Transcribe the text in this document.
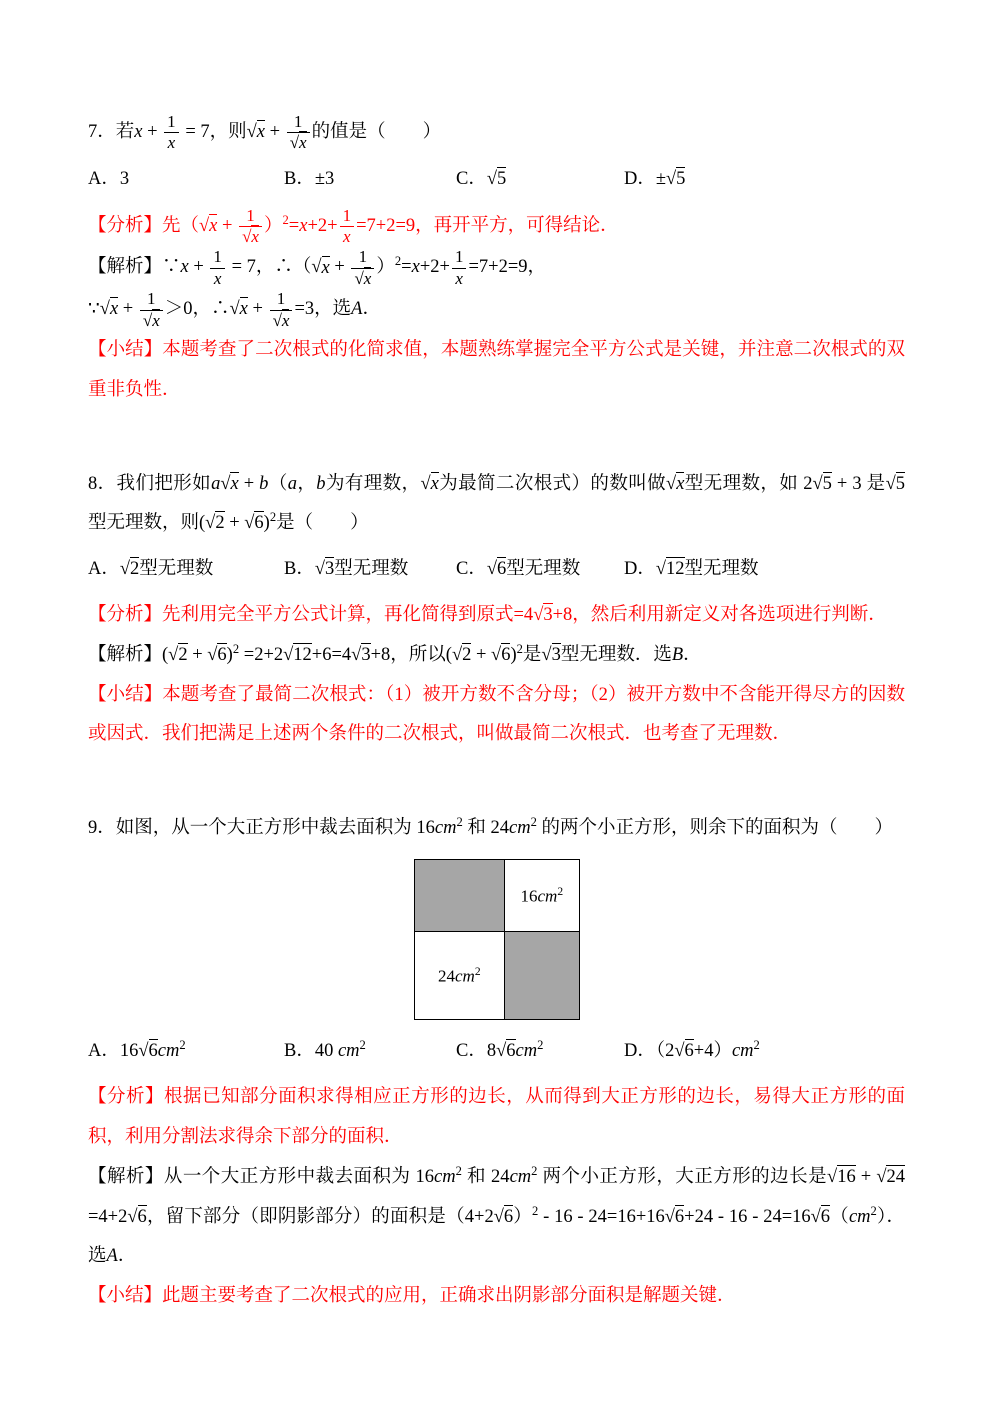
7．若$x + \frac{1}{x} = 7$，则$√x + \frac{1}{√x}$ 的值是（　　）

A．3	B．±3	C．√5	D．±√5

【分析】先$(√x + \frac{1}{√x} )^2=x+2+ \frac{1}{x} =7+2=9$，再开平方，可得结论．

【解析】∵x + $\frac{1}{x} = 7$，∴（√x + $\frac{1}{√x} )^2=x+2+ \frac{1}{x} =7+2=9$，

∵√x + $\frac{1}{√x} >0$，∴√x + $\frac{1}{√x} =3$，选A．

【小结】本题考查了二次根式的化简求值，本题熟练掌握完全平方公式是关键，并注意二次根式的双重非负性．

8．我们把形如a√x + b（a，b为有理数，√x为最简二次根式）的数叫做√x型无理数，如 2√5 + 3 是√5型无理数，则$(√2 + √6)^2$是（　　）

A．√2型无理数	B．√3型无理数	C．√6型无理数	D．√12型无理数

【分析】先利用完全平方公式计算，再化简得到原式=4√3+8，然后利用新定义对各选项进行判断．

【解析】$(√2 + √6)^2 =2+2√12+6=4√3+8$，所以$(√2 + √6)^2$是√3型无理数．选B．

【小结】本题考查了最简二次根式：（1）被开方数不含分母；（2）被开方数中不含能开得尽方的因数或因式．我们把满足上述两个条件的二次根式，叫做最简二次根式．也考查了无理数．

9．如图，从一个大正方形中裁去面积为 $16cm^2$ 和 $24cm^2$ 的两个小正方形，则余下的面积为（　　）

$16cm^2$
$24cm^2$
A．$16√6cm^2$	B．40 $cm^2$	C．$8√6cm^2$	D．$(2√6+4)cm^2$

【分析】根据已知部分面积求得相应正方形的边长，从而得到大正方形的边长，易得大正方形的面积，利用分割法求得余下部分的面积．

【解析】从一个大正方形中裁去面积为 $16cm^2$ 和 $24cm^2$ 两个小正方形，大正方形的边长是√16 + √24 =4+2√6，留下部分（即阴影部分）的面积是$(4+2√6)^2 - 16 - 24=16+16√6+24 - 16 - 24=16√6(cm^2)$．选A．

【小结】此题主要考查了二次根式的应用，正确求出阴影部分面积是解题关键．
